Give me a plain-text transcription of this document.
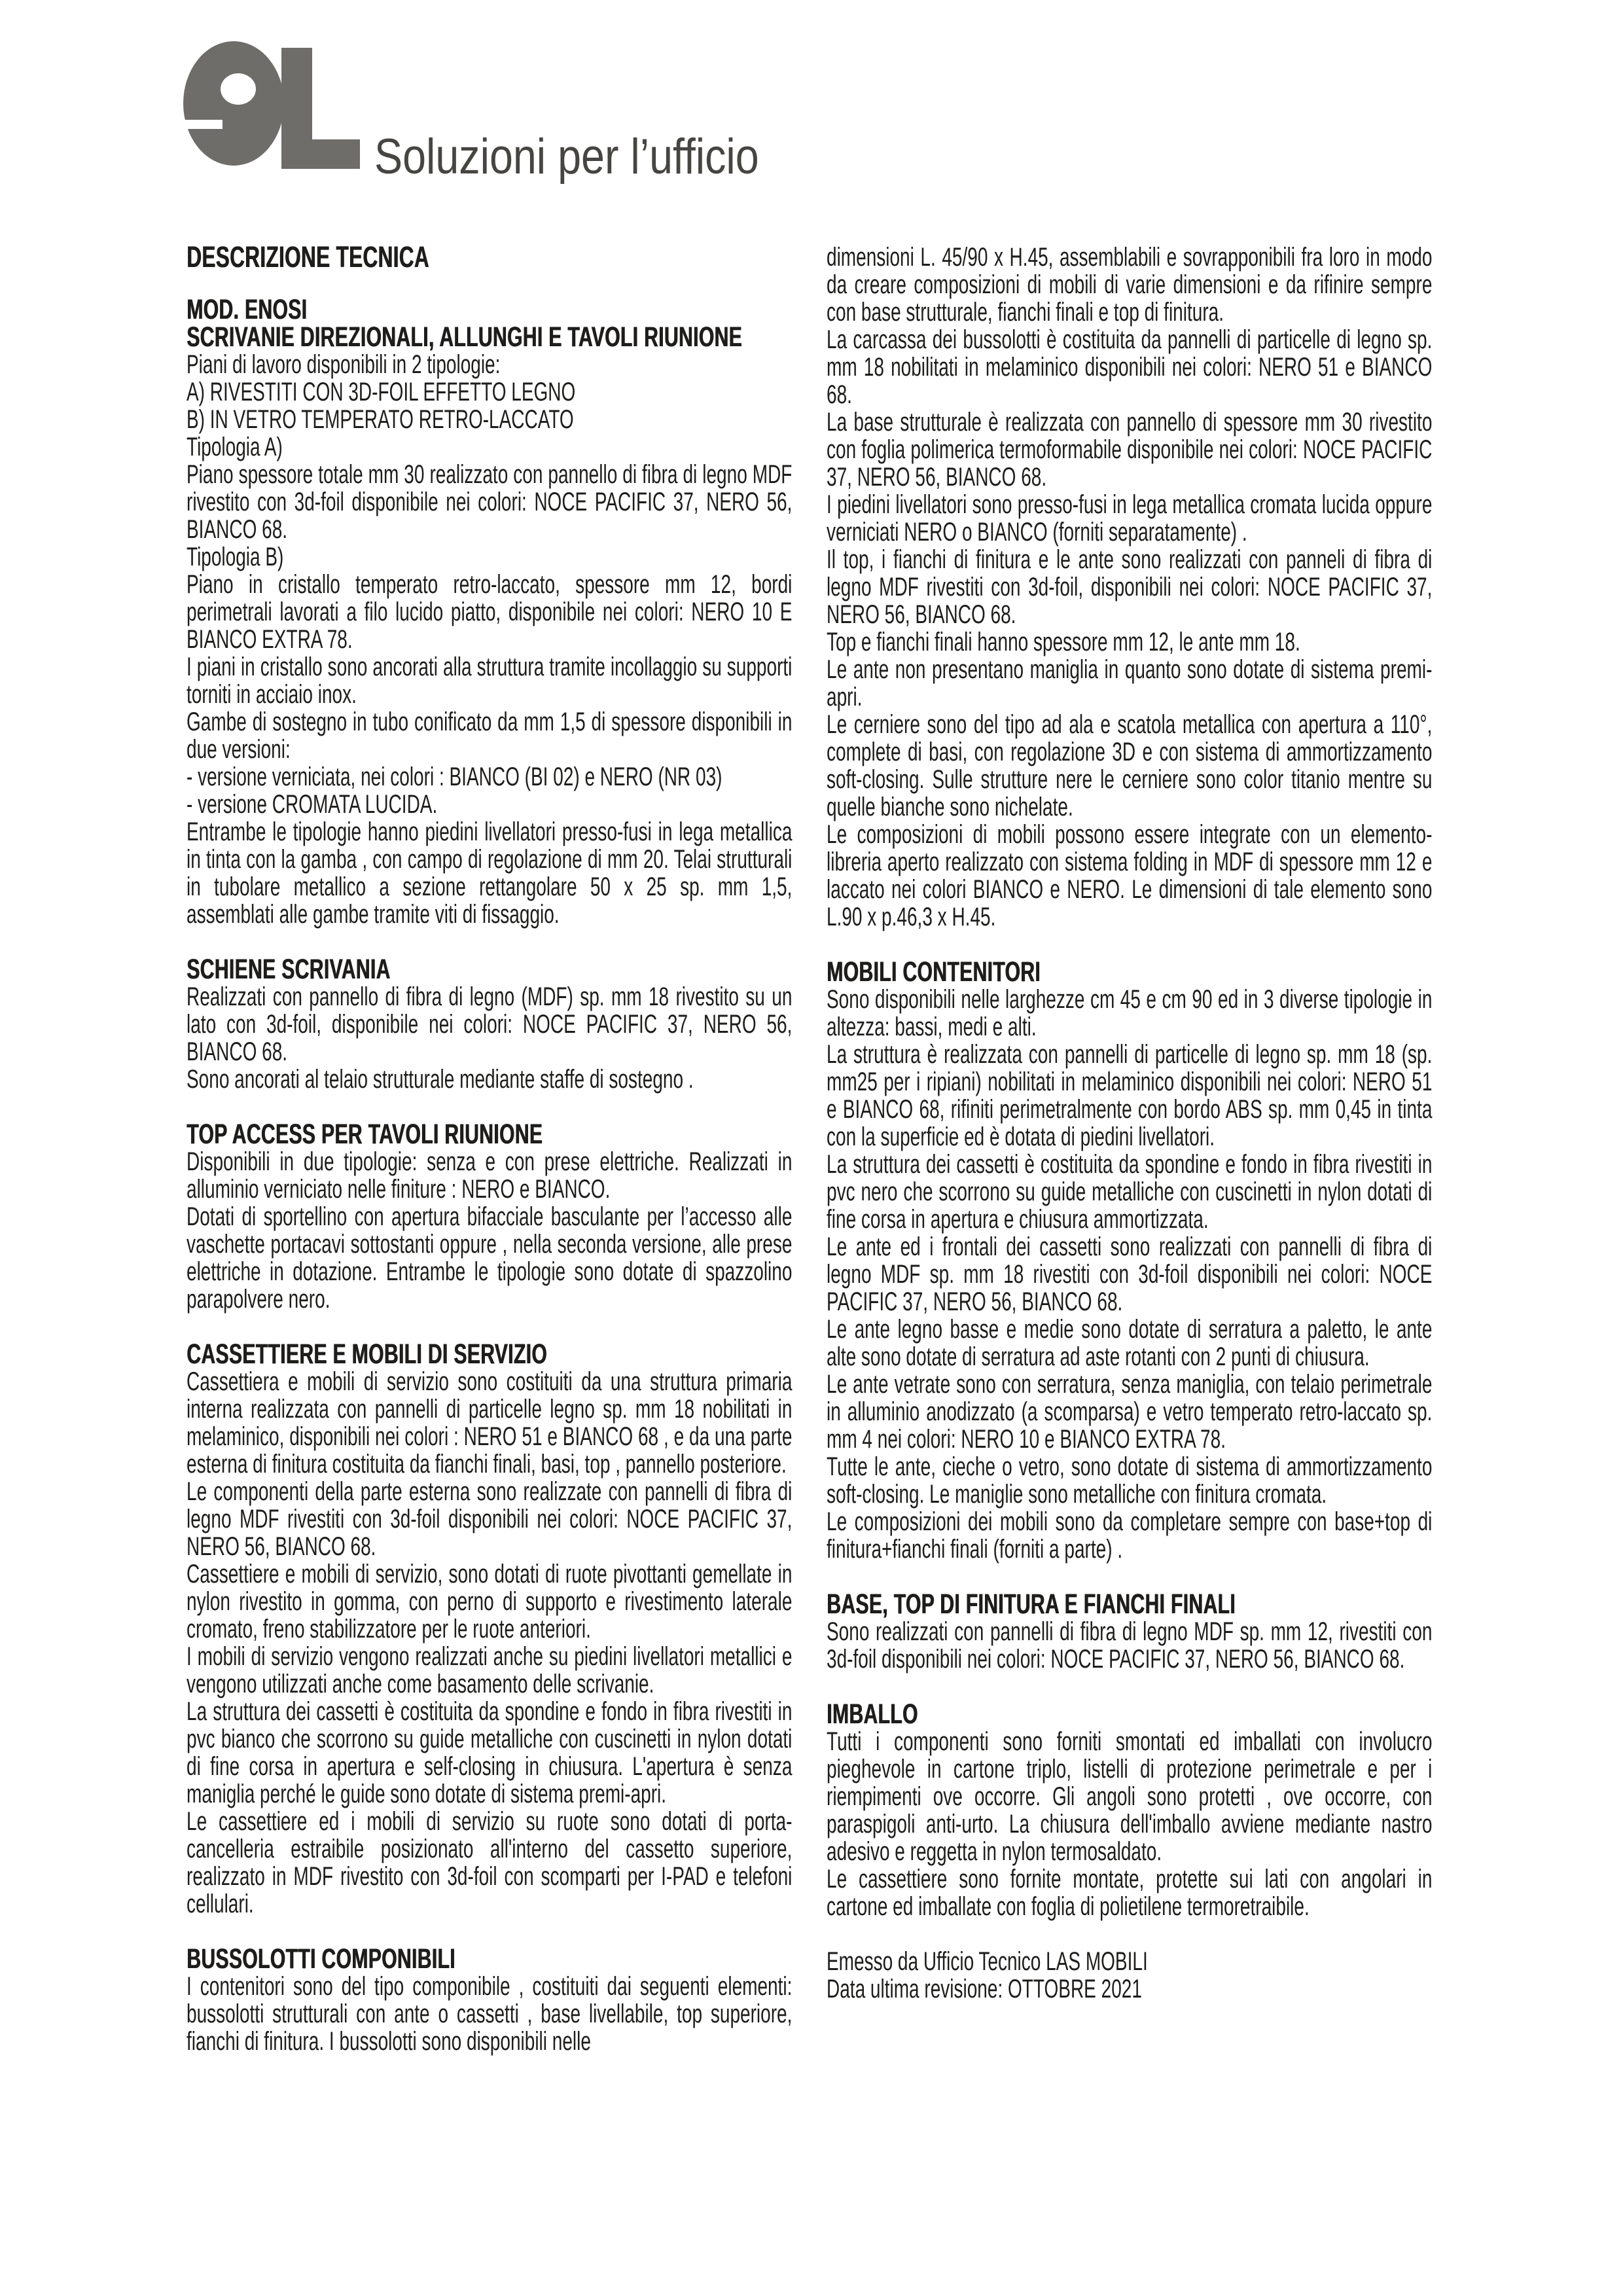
Soluzioni per l’ufficio
DESCRIZIONE TECNICA
MOD. ENOSI
SCRIVANIE DIREZIONALI, ALLUNGHI E TAVOLI RIUNIONE

Piani di lavoro disponibili in 2 tipologie:

A) RIVESTITI CON 3D-FOIL EFFETTO LEGNO

B) IN VETRO TEMPERATO RETRO-LACCATO

Tipologia A)

Piano spessore totale mm 30 realizzato con pannello di fibra di legno MDF rivestito con 3d-foil disponibile nei colori: NOCE PACIFIC 37, NERO 56, BIANCO 68.

Tipologia B)

Piano in cristallo temperato retro-laccato, spessore mm 12, bordi perimetrali lavorati a filo lucido piatto, disponibile nei colori: NERO 10 E BIANCO EXTRA 78.

I piani in cristallo sono ancorati alla struttura tramite incollaggio su supporti torniti in acciaio inox.

Gambe di sostegno in tubo conificato da mm 1,5 di spessore disponibili in due versioni:

- versione verniciata, nei colori : BIANCO (BI 02) e NERO (NR 03)

- versione CROMATA LUCIDA.

Entrambe le tipologie hanno piedini livellatori presso-fusi in lega metallica in tinta con la gamba , con campo di regolazione di mm 20. Telai strutturali in tubolare metallico a sezione rettangolare 50 x 25 sp. mm 1,5, assemblati alle gambe tramite viti di fissaggio.

SCHIENE SCRIVANIA

Realizzati con pannello di fibra di legno (MDF) sp. mm 18 rivestito su un lato con 3d-foil, disponibile nei colori: NOCE PACIFIC 37, NERO 56, BIANCO 68.

Sono ancorati al telaio strutturale mediante staffe di sostegno .

TOP ACCESS PER TAVOLI RIUNIONE

Disponibili in due tipologie: senza e con prese elettriche. Realizzati in alluminio verniciato nelle finiture : NERO e BIANCO.

Dotati di sportellino con apertura bifacciale basculante per l’accesso alle vaschette portacavi sottostanti oppure , nella seconda versione, alle prese elettriche in dotazione. Entrambe le tipologie sono dotate di spazzolino parapolvere nero.

CASSETTIERE E MOBILI DI SERVIZIO

Cassettiera e mobili di servizio sono costituiti da una struttura primaria interna realizzata con pannelli di particelle legno sp. mm 18 nobilitati in melaminico, disponibili nei colori : NERO 51 e BIANCO 68 , e da una parte esterna di finitura costituita da fianchi finali, basi, top , pannello posteriore.

Le componenti della parte esterna sono realizzate con pannelli di fibra di legno MDF rivestiti con 3d-foil disponibili nei colori: NOCE PACIFIC 37, NERO 56, BIANCO 68.

Cassettiere e mobili di servizio, sono dotati di ruote pivottanti gemellate in nylon rivestito in gomma, con perno di supporto e rivestimento laterale cromato, freno stabilizzatore per le ruote anteriori.

I mobili di servizio vengono realizzati anche su piedini livellatori metallici e vengono utilizzati anche come basamento delle scrivanie.

La struttura dei cassetti è costituita da spondine e fondo in fibra rivestiti in pvc bianco che scorrono su guide metalliche con cuscinetti in nylon dotati di fine corsa in apertura e self-closing in chiusura. L'apertura è senza maniglia perché le guide sono dotate di sistema premi-apri.

Le cassettiere ed i mobili di servizio su ruote sono dotati di porta-cancelleria estraibile posizionato all'interno del cassetto superiore, realizzato in MDF rivestito con 3d-foil con scomparti per I-PAD e telefoni cellulari.

BUSSOLOTTI COMPONIBILI

I contenitori sono del tipo componibile , costituiti dai seguenti elementi: bussolotti strutturali con ante o cassetti , base livellabile, top superiore, fianchi di finitura. I bussolotti sono disponibili nelle

dimensioni L. 45/90 x H.45, assemblabili e sovrapponibili fra loro in modo da creare composizioni di mobili di varie dimensioni e da rifinire sempre con base strutturale, fianchi finali e top di finitura.

La carcassa dei bussolotti è costituita da pannelli di particelle di legno sp. mm 18 nobilitati in melaminico disponibili nei colori: NERO 51 e BIANCO 68.

La base strutturale è realizzata con pannello di spessore mm 30 rivestito con foglia polimerica termoformabile disponibile nei colori: NOCE PACIFIC 37, NERO 56, BIANCO 68.

I piedini livellatori sono presso-fusi in lega metallica cromata lucida oppure verniciati NERO o BIANCO (forniti separatamente) .

Il top, i fianchi di finitura e le ante sono realizzati con panneli di fibra di legno MDF rivestiti con 3d-foil, disponibili nei colori: NOCE PACIFIC 37, NERO 56, BIANCO 68.

Top e fianchi finali hanno spessore mm 12, le ante mm 18.

Le ante non presentano maniglia in quanto sono dotate di sistema premi-apri.

Le cerniere sono del tipo ad ala e scatola metallica con apertura a 110°, complete di basi, con regolazione 3D e con sistema di ammortizzamento soft-closing. Sulle strutture nere le cerniere sono color titanio mentre su quelle bianche sono nichelate.

Le composizioni di mobili possono essere integrate con un elemento-libreria aperto realizzato con sistema folding in MDF di spessore mm 12 e laccato nei colori BIANCO e NERO. Le dimensioni di tale elemento sono L.90 x p.46,3 x H.45.

MOBILI CONTENITORI

Sono disponibili nelle larghezze cm 45 e cm 90 ed in 3 diverse tipologie in altezza: bassi, medi e alti.

La struttura è realizzata con pannelli di particelle di legno sp. mm 18 (sp. mm25 per i ripiani) nobilitati in melaminico disponibili nei colori: NERO 51 e BIANCO 68, rifiniti perimetralmente con bordo ABS sp. mm 0,45 in tinta con la superficie ed è dotata di piedini livellatori.

La struttura dei cassetti è costituita da spondine e fondo in fibra rivestiti in pvc nero che scorrono su guide metalliche con cuscinetti in nylon dotati di fine corsa in apertura e chiusura ammortizzata.

Le ante ed i frontali dei cassetti sono realizzati con pannelli di fibra di legno MDF sp. mm 18 rivestiti con 3d-foil disponibili nei colori: NOCE PACIFIC 37, NERO 56, BIANCO 68.

Le ante legno basse e medie sono dotate di serratura a paletto, le ante alte sono dotate di serratura ad aste rotanti con 2 punti di chiusura.

Le ante vetrate sono con serratura, senza maniglia, con telaio perimetrale in alluminio anodizzato (a scomparsa) e vetro temperato retro-laccato sp. mm 4 nei colori: NERO 10 e BIANCO EXTRA 78.

Tutte le ante, cieche o vetro, sono dotate di sistema di ammortizzamento soft-closing. Le maniglie sono metalliche con finitura cromata.

Le composizioni dei mobili sono da completare sempre con base+top di finitura+fianchi finali (forniti a parte) .

BASE, TOP DI FINITURA E FIANCHI FINALI

Sono realizzati con pannelli di fibra di legno MDF sp. mm 12, rivestiti con 3d-foil disponibili nei colori: NOCE PACIFIC 37, NERO 56, BIANCO 68.

IMBALLO

Tutti i componenti sono forniti smontati ed imballati con involucro pieghevole in cartone triplo, listelli di protezione perimetrale e per i riempimenti ove occorre. Gli angoli sono protetti , ove occorre, con paraspigoli anti-urto. La chiusura dell'imballo avviene mediante nastro adesivo e reggetta in nylon termosaldato.

Le cassettiere sono fornite montate, protette sui lati con angolari in cartone ed imballate con foglia di polietilene termoretraibile.

Emesso da Ufficio Tecnico LAS MOBILI

Data ultima revisione: OTTOBRE 2021
